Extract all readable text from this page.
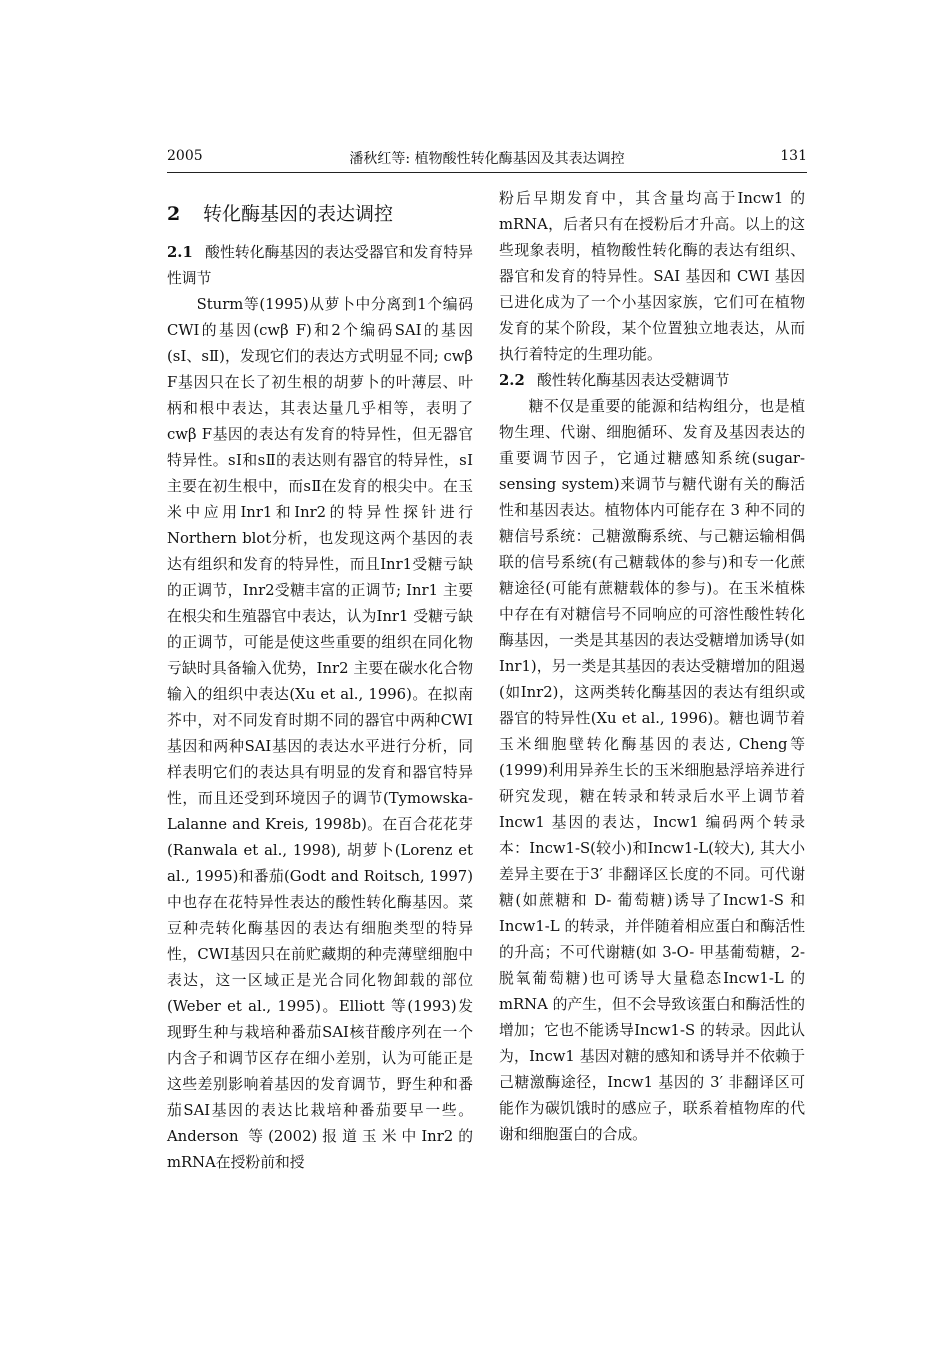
2005	潘秋红等: 植物酸性转化酶基因及其表达调控	131
2 转化酶基因的表达调控

2.1 酸性转化酶基因的表达受器官和发育特异性调节

Sturm等(1995)从萝卜中分离到1个编码CWI的基因(cwβ F)和2个编码SAI的基因(sⅠ、sⅡ)，发现它们的表达方式明显不同; cwβ F基因只在长了初生根的胡萝卜的叶薄层、叶柄和根中表达，其表达量几乎相等，表明了cwβ F基因的表达有发育的特异性，但无器官特异性。sⅠ和sⅡ的表达则有器官的特异性，sⅠ主要在初生根中，而sⅡ在发育的根尖中。在玉米中应用Inr1和Inr2的特异性探针进行Northern blot分析，也发现这两个基因的表达有组织和发育的特异性，而且Inr1受糖亏缺的正调节，Inr2受糖丰富的正调节; Inr1 主要在根尖和生殖器官中表达，认为Inr1 受糖亏缺的正调节，可能是使这些重要的组织在同化物亏缺时具备输入优势，Inr2 主要在碳水化合物输入的组织中表达(Xu et al., 1996)。在拟南芥中，对不同发育时期不同的器官中两种CWI基因和两种SAI基因的表达水平进行分析，同样表明它们的表达具有明显的发育和器官特异性，而且还受到环境因子的调节(Tymowska-Lalanne and Kreis, 1998b)。在百合花花芽(Ranwala et al., 1998), 胡萝卜(Lorenz et al., 1995)和番茄(Godt and Roitsch, 1997)中也存在花特异性表达的酸性转化酶基因。菜豆种壳转化酶基因的表达有细胞类型的特异性，CWI基因只在前贮藏期的种壳薄壁细胞中表达，这一区域正是光合同化物卸载的部位(Weber et al., 1995)。Elliott 等(1993)发现野生种与栽培种番茄SAI核苷酸序列在一个内含子和调节区存在细小差别，认为可能正是这些差别影响着基因的发育调节，野生种和番茄SAI基因的表达比栽培种番茄要早一些。Anderson 等(2002)报道玉米中Inr2的mRNA在授粉前和授

粉后早期发育中，其含量均高于Incw1 的mRNA，后者只有在授粉后才升高。以上的这些现象表明，植物酸性转化酶的表达有组织、器官和发育的特异性。SAI 基因和 CWI 基因已进化成为了一个小基因家族，它们可在植物发育的某个阶段，某个位置独立地表达，从而执行着特定的生理功能。

2.2 酸性转化酶基因表达受糖调节

糖不仅是重要的能源和结构组分，也是植物生理、代谢、细胞循环、发育及基因表达的重要调节因子，它通过糖感知系统(sugar-sensing system)来调节与糖代谢有关的酶活性和基因表达。植物体内可能存在 3 种不同的糖信号系统：己糖激酶系统、与己糖运输相偶联的信号系统(有己糖载体的参与)和专一化蔗糖途径(可能有蔗糖载体的参与)。在玉米植株中存在有对糖信号不同响应的可溶性酸性转化酶基因，一类是其基因的表达受糖增加诱导(如Inr1)，另一类是其基因的表达受糖增加的阻遏 (如Inr2)，这两类转化酶基因的表达有组织或器官的特异性(Xu et al., 1996)。糖也调节着玉米细胞壁转化酶基因的表达, Cheng等(1999)利用异养生长的玉米细胞悬浮培养进行研究发现，糖在转录和转录后水平上调节着Incw1 基因的表达，Incw1 编码两个转录本：Incw1-S(较小)和Incw1-L(较大), 其大小差异主要在于3′ 非翻译区长度的不同。可代谢糖(如蔗糖和 D- 葡萄糖)诱导了Incw1-S 和Incw1-L 的转录，并伴随着相应蛋白和酶活性的升高；不可代谢糖(如 3-O- 甲基葡萄糖，2- 脱氧葡萄糖)也可诱导大量稳态Incw1-L 的 mRNA 的产生，但不会导致该蛋白和酶活性的增加；它也不能诱导Incw1-S 的转录。因此认为，Incw1 基因对糖的感知和诱导并不依赖于己糖激酶途径，Incw1 基因的 3′ 非翻译区可能作为碳饥饿时的感应子，联系着植物库的代谢和细胞蛋白的合成。
